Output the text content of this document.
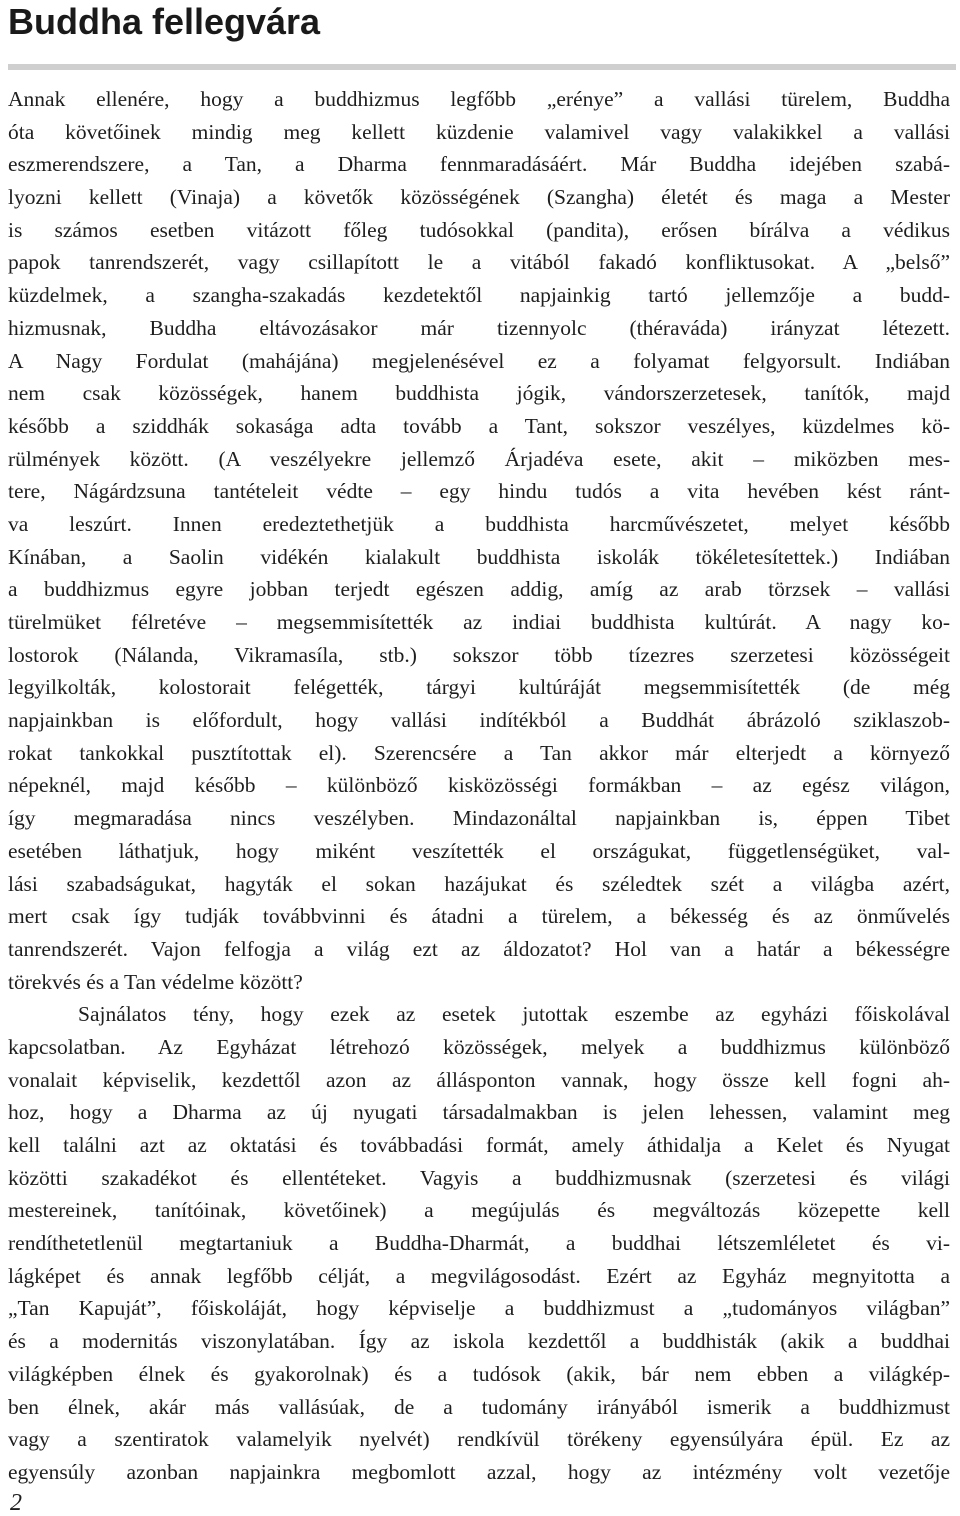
Buddha fellegvára
Annak ellenére, hogy a buddhizmus legfőbb „erénye” a vallási türelem, Buddha
óta követőinek mindig meg kellett küzdenie valamivel vagy valakikkel a vallási
eszmerendszere, a Tan, a Dharma fennmaradásáért. Már Buddha idejében szabá-
lyozni kellett (Vinaja) a követők közösségének (Szangha) életét és maga a Mester
is számos esetben vitázott főleg tudósokkal (pandita), erősen bírálva a védikus
papok tanrendszerét, vagy csillapított le a vitából fakadó konfliktusokat. A „belső”
küzdelmek, a szangha-szakadás kezdetektől napjainkig tartó jellemzője a budd-
hizmusnak, Buddha eltávozásakor már tizennyolc (théraváda) irányzat létezett.
A Nagy Fordulat (mahájána) megjelenésével ez a folyamat felgyorsult. Indiában
nem csak közösségek, hanem buddhista jógik, vándorszerzetesek, tanítók, majd
később a sziddhák sokasága adta tovább a Tant, sokszor veszélyes, küzdelmes kö-
rülmények között. (A veszélyekre jellemző Árjadéva esete, akit – miközben mes-
tere, Nágárdzsuna tantételeit védte – egy hindu tudós a vita hevében kést ránt-
va leszúrt. Innen eredeztethetjük a buddhista harcművészetet, melyet később
Kínában, a Saolin vidékén kialakult buddhista iskolák tökéletesítettek.) Indiában
a buddhizmus egyre jobban terjedt egészen addig, amíg az arab törzsek – vallási
türelmüket félretéve – megsemmisítették az indiai buddhista kultúrát. A nagy ko-
lostorok (Nálanda, Vikramasíla, stb.) sokszor több tízezres szerzetesi közösségeit
legyilkolták, kolostorait felégették, tárgyi kultúráját megsemmisítették (de még
napjainkban is előfordult, hogy vallási indítékból a Buddhát ábrázoló sziklaszob-
rokat tankokkal pusztítottak el). Szerencsére a Tan akkor már elterjedt a környező
népeknél, majd később – különböző kisközösségi formákban – az egész világon,
így megmaradása nincs veszélyben. Mindazonáltal napjainkban is, éppen Tibet
esetében láthatjuk, hogy miként veszítették el országukat, függetlenségüket, val-
lási szabadságukat, hagyták el sokan hazájukat és széledtek szét a világba azért,
mert csak így tudják továbbvinni és átadni a türelem, a békesség és az önművelés
tanrendszerét. Vajon felfogja a világ ezt az áldozatot? Hol van a határ a békességre
törekvés és a Tan védelme között?
Sajnálatos tény, hogy ezek az esetek jutottak eszembe az egyházi főiskolával
kapcsolatban. Az Egyházat létrehozó közösségek, melyek a buddhizmus különböző
vonalait képviselik, kezdettől azon az állásponton vannak, hogy össze kell fogni ah-
hoz, hogy a Dharma az új nyugati társadalmakban is jelen lehessen, valamint meg
kell találni azt az oktatási és továbbadási formát, amely áthidalja a Kelet és Nyugat
közötti szakadékot és ellentéteket. Vagyis a buddhizmusnak (szerzetesi és világi
mestereinek, tanítóinak, követőinek) a megújulás és megváltozás közepette kell
rendíthetetlenül megtartaniuk a Buddha-Dharmát, a buddhai létszemléletet és vi-
lágképet és annak legfőbb célját, a megvilágosodást. Ezért az Egyház megnyitotta a
„Tan Kapuját”, főiskoláját, hogy képviselje a buddhizmust a „tudományos világban”
és a modernitás viszonylatában. Így az iskola kezdettől a buddhisták (akik a buddhai
világképben élnek és gyakorolnak) és a tudósok (akik, bár nem ebben a világkép-
ben élnek, akár más vallásúak, de a tudomány irányából ismerik a buddhizmust
vagy a szentiratok valamelyik nyelvét) rendkívül törékeny egyensúlyára épül. Ez az
egyensúly azonban napjainkra megbomlott azzal, hogy az intézmény volt vezetője
2
